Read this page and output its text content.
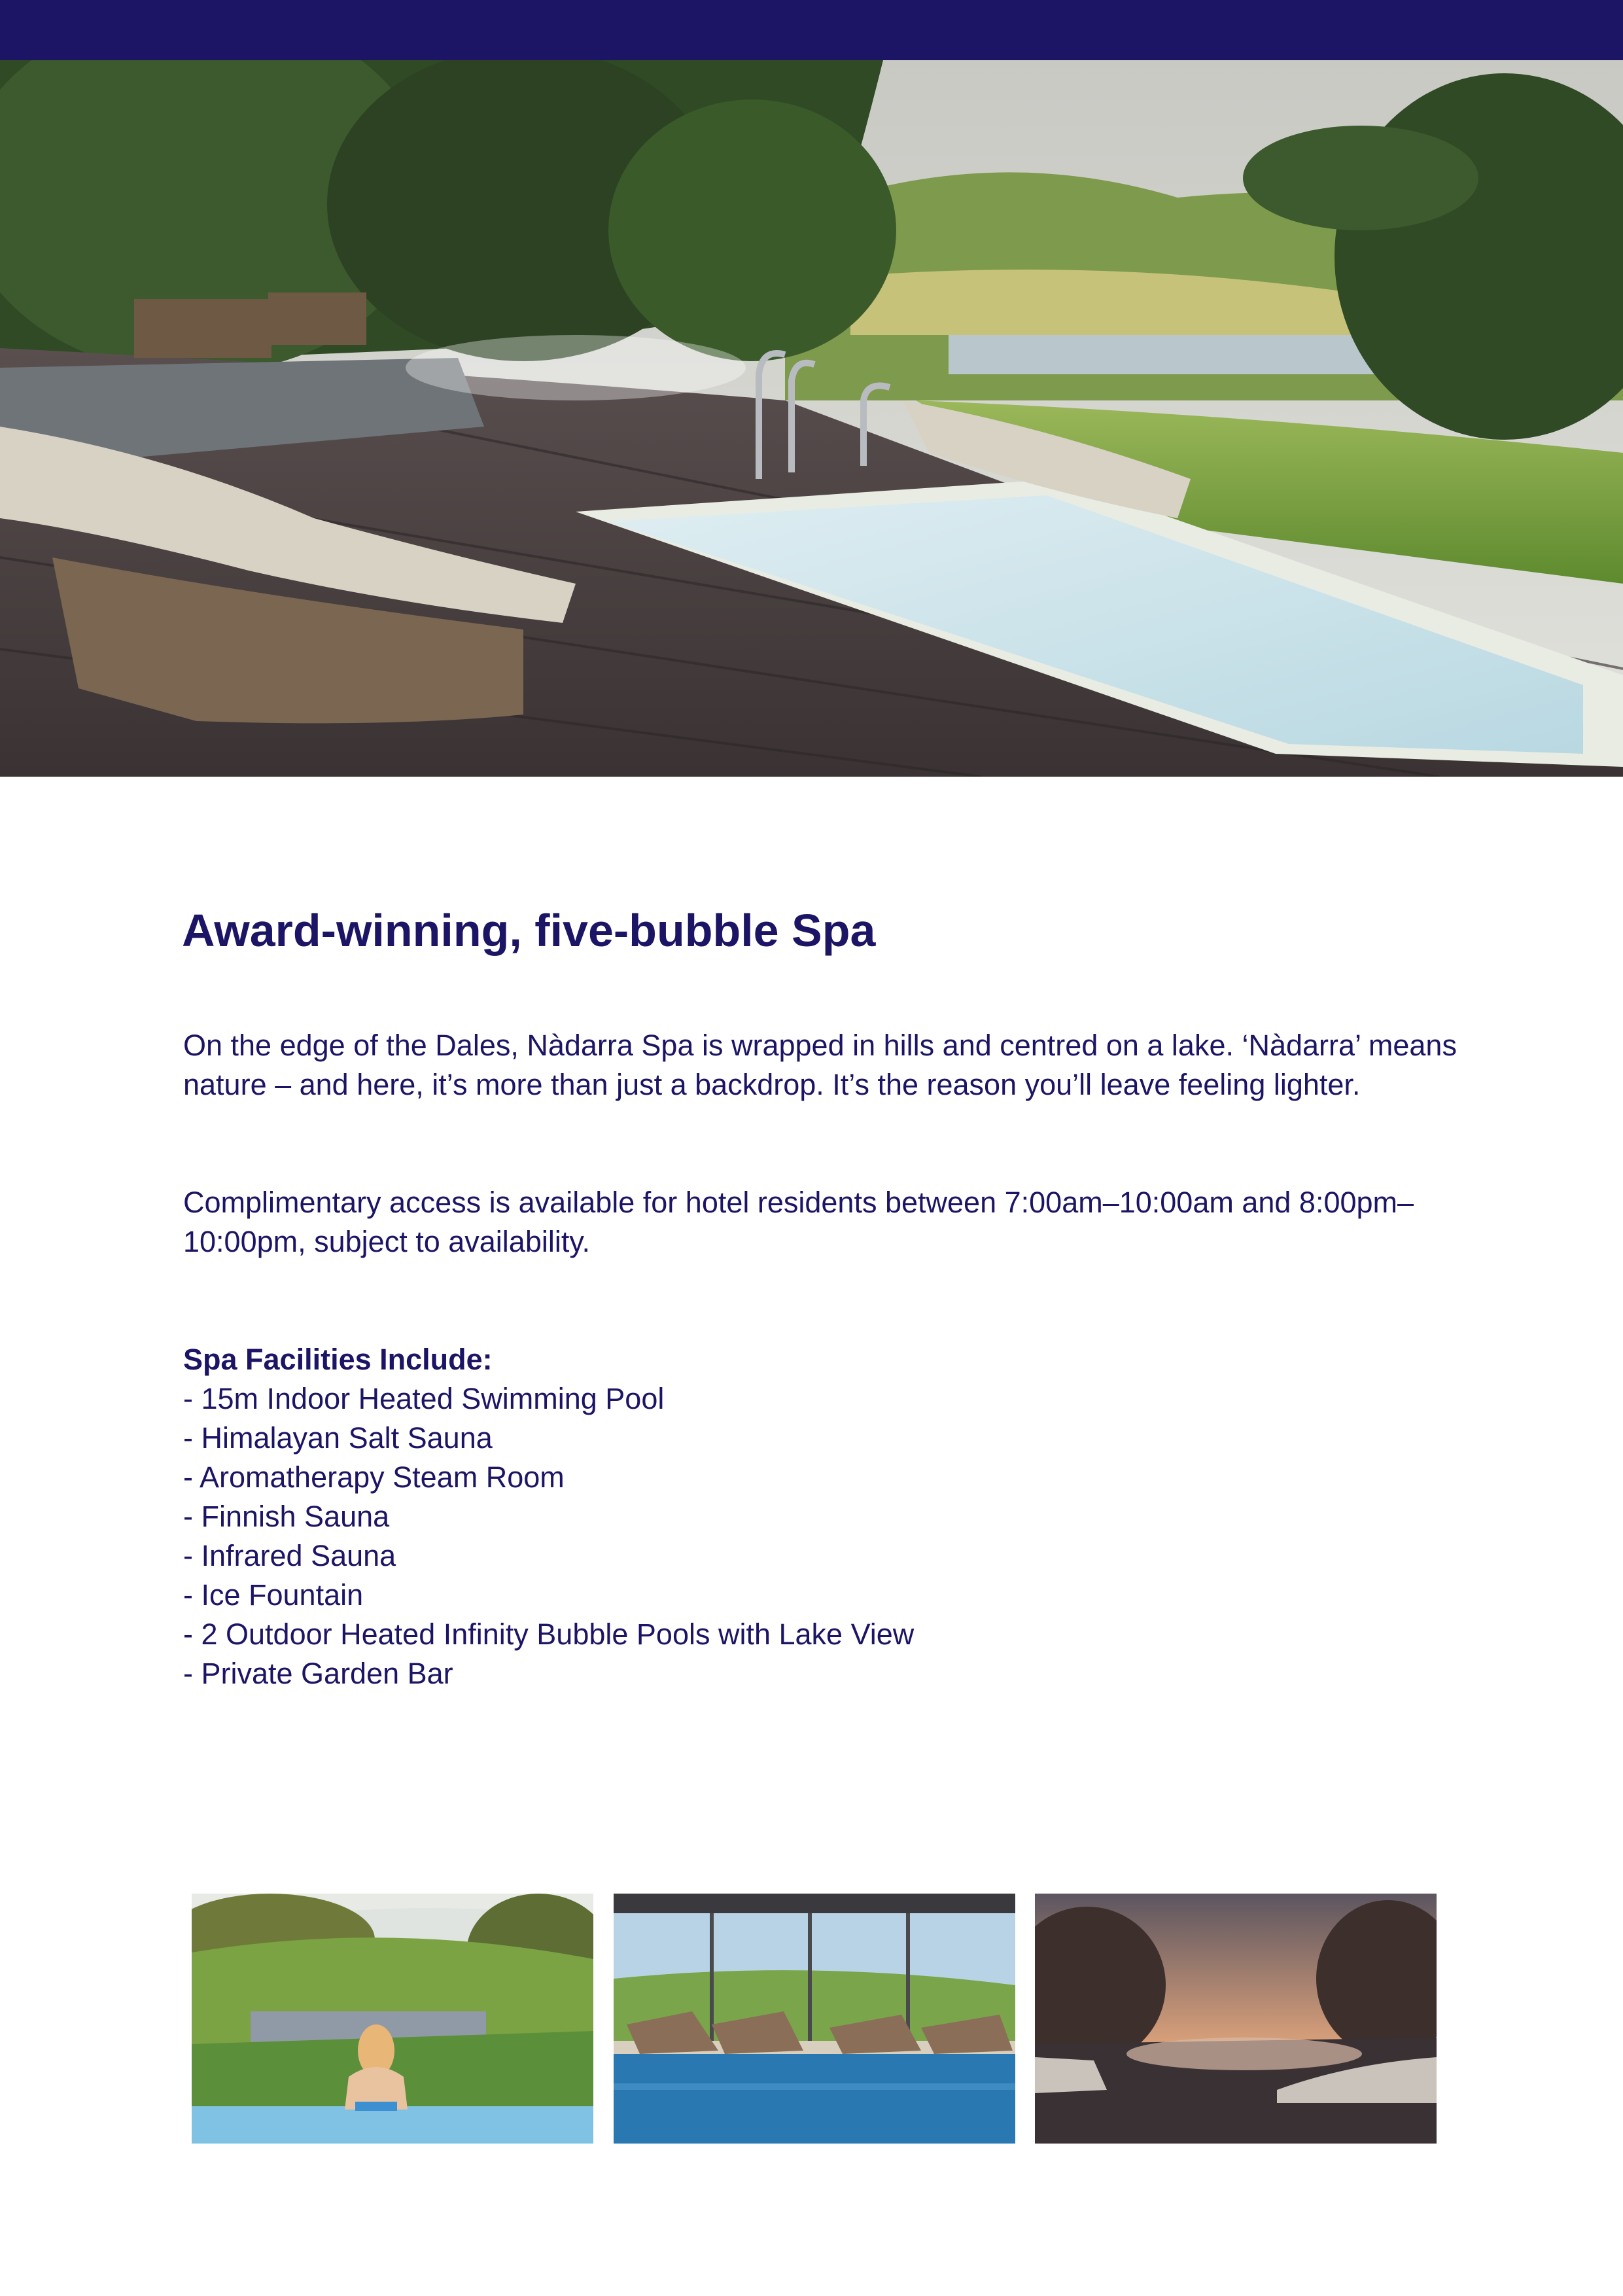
Award-winning, five-bubble Spa

On the edge of the Dales, Nàdarra Spa is wrapped in hills and centred on a lake. ‘Nàdarra’ means nature – and here, it’s more than just a backdrop. It’s the reason you’ll leave feeling lighter.

Complimentary access is available for hotel residents between 7:00am–10:00am and 8:00pm–10:00pm, subject to availability.

Spa Facilities Include:
- 15m Indoor Heated Swimming Pool
- Himalayan Salt Sauna
- Aromatherapy Steam Room
- Finnish Sauna
- Infrared Sauna
- Ice Fountain
- 2 Outdoor Heated Infinity Bubble Pools with Lake View
- Private Garden Bar
